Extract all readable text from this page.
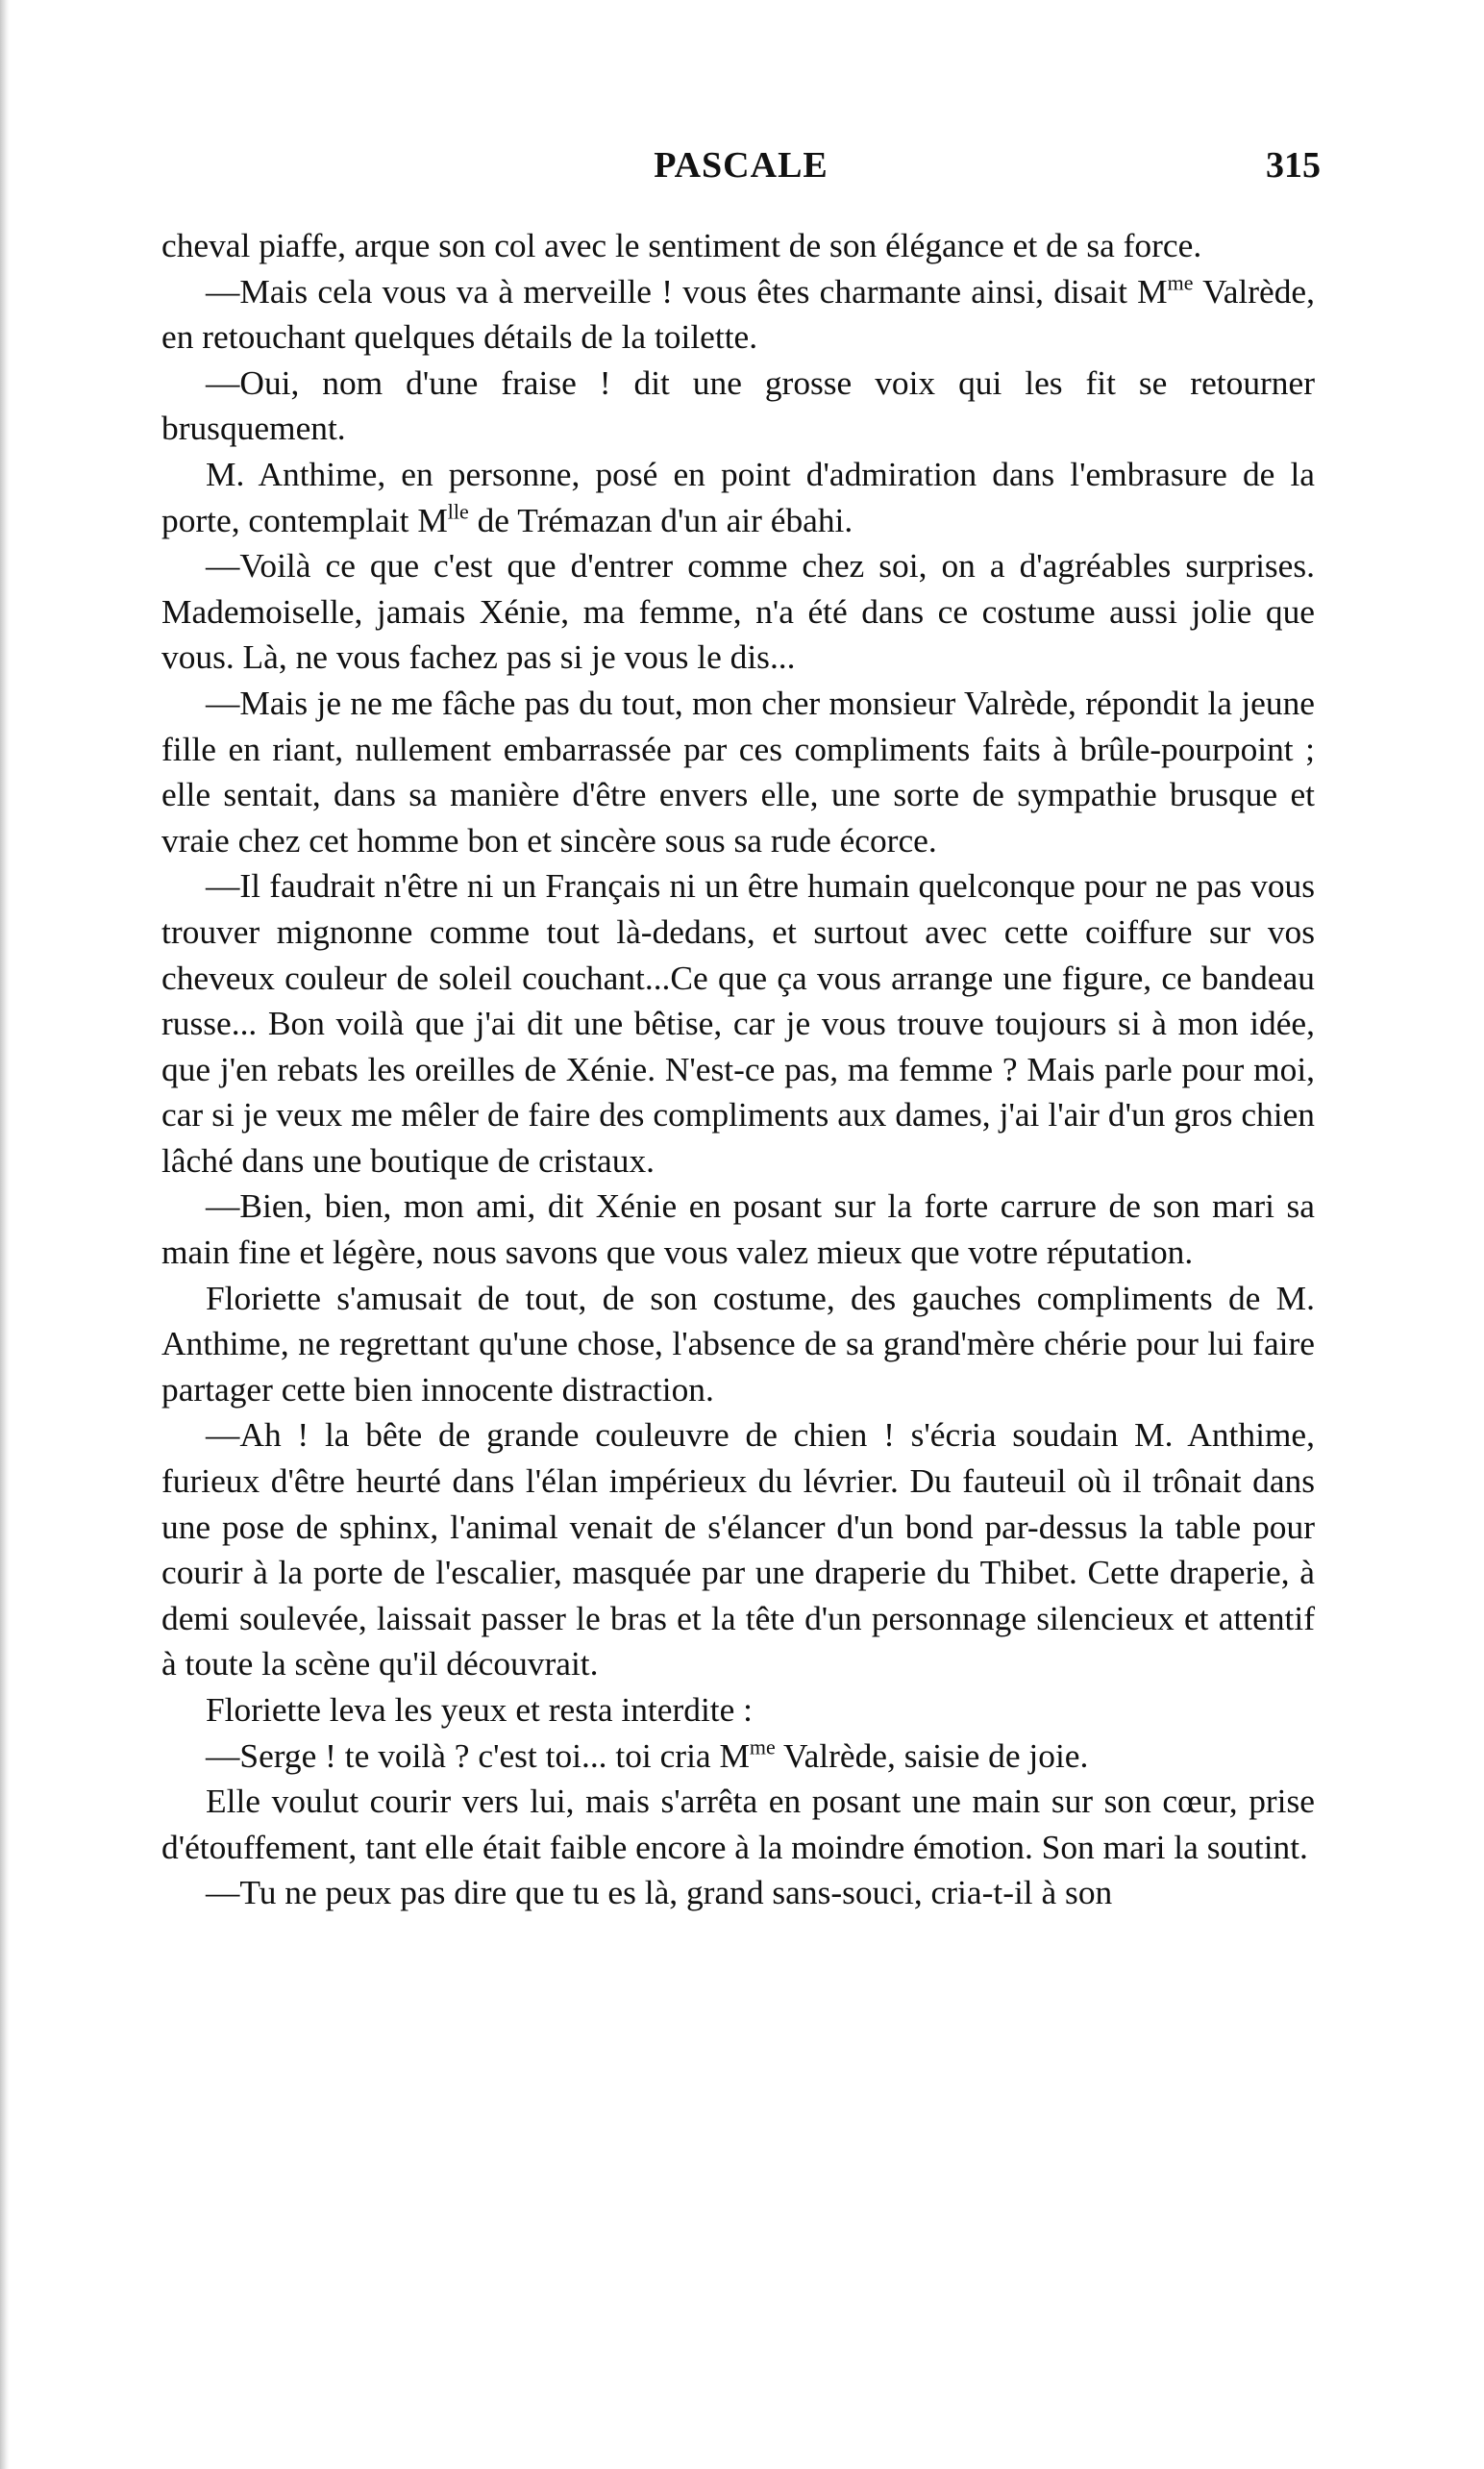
PASCALE	315

cheval piaffe, arque son col avec le sentiment de son élégance et de sa force.

—Mais cela vous va à merveille ! vous êtes charmante ainsi, disait $M^{me}$ Valrède, en retouchant quelques détails de la toilette.

—Oui, nom d'une fraise ! dit une grosse voix qui les fit se retourner brusquement.

M. Anthime, en personne, posé en point d'admiration dans l'embrasure de la porte, contemplait $M^{lle}$ de Trémazan d'un air ébahi.

—Voilà ce que c'est que d'entrer comme chez soi, on a d'agréables surprises. Mademoiselle, jamais Xénie, ma femme, n'a été dans ce costume aussi jolie que vous. Là, ne vous fachez pas si je vous le dis...

—Mais je ne me fâche pas du tout, mon cher monsieur Valrède, répondit la jeune fille en riant, nullement embarrassée par ces compliments faits à brûle-pourpoint ; elle sentait, dans sa manière d'être envers elle, une sorte de sympathie brusque et vraie chez cet homme bon et sincère sous sa rude écorce.

—Il faudrait n'être ni un Français ni un être humain quelconque pour ne pas vous trouver mignonne comme tout là-dedans, et surtout avec cette coiffure sur vos cheveux couleur de soleil couchant...Ce que ça vous arrange une figure, ce bandeau russe... Bon voilà que j'ai dit une bêtise, car je vous trouve toujours si à mon idée, que j'en rebats les oreilles de Xénie. N'est-ce pas, ma femme ? Mais parle pour moi, car si je veux me mêler de faire des compliments aux dames, j'ai l'air d'un gros chien lâché dans une boutique de cristaux.

—Bien, bien, mon ami, dit Xénie en posant sur la forte carrure de son mari sa main fine et légère, nous savons que vous valez mieux que votre réputation.

Floriette s'amusait de tout, de son costume, des gauches compliments de M. Anthime, ne regrettant qu'une chose, l'absence de sa grand'mère chérie pour lui faire partager cette bien innocente distraction.

—Ah ! la bête de grande couleuvre de chien ! s'écria soudain M. Anthime, furieux d'être heurté dans l'élan impérieux du lévrier. Du fauteuil où il trônait dans une pose de sphinx, l'animal venait de s'élancer d'un bond par-dessus la table pour courir à la porte de l'escalier, masquée par une draperie du Thibet. Cette draperie, à demi soulevée, laissait passer le bras et la tête d'un personnage silencieux et attentif à toute la scène qu'il découvrait.

Floriette leva les yeux et resta interdite :

—Serge ! te voilà ? c'est toi... toi cria $M^{me}$ Valrède, saisie de joie.

Elle voulut courir vers lui, mais s'arrêta en posant une main sur son cœur, prise d'étouffement, tant elle était faible encore à la moindre émotion. Son mari la soutint.

—Tu ne peux pas dire que tu es là, grand sans-souci, cria-t-il à son
